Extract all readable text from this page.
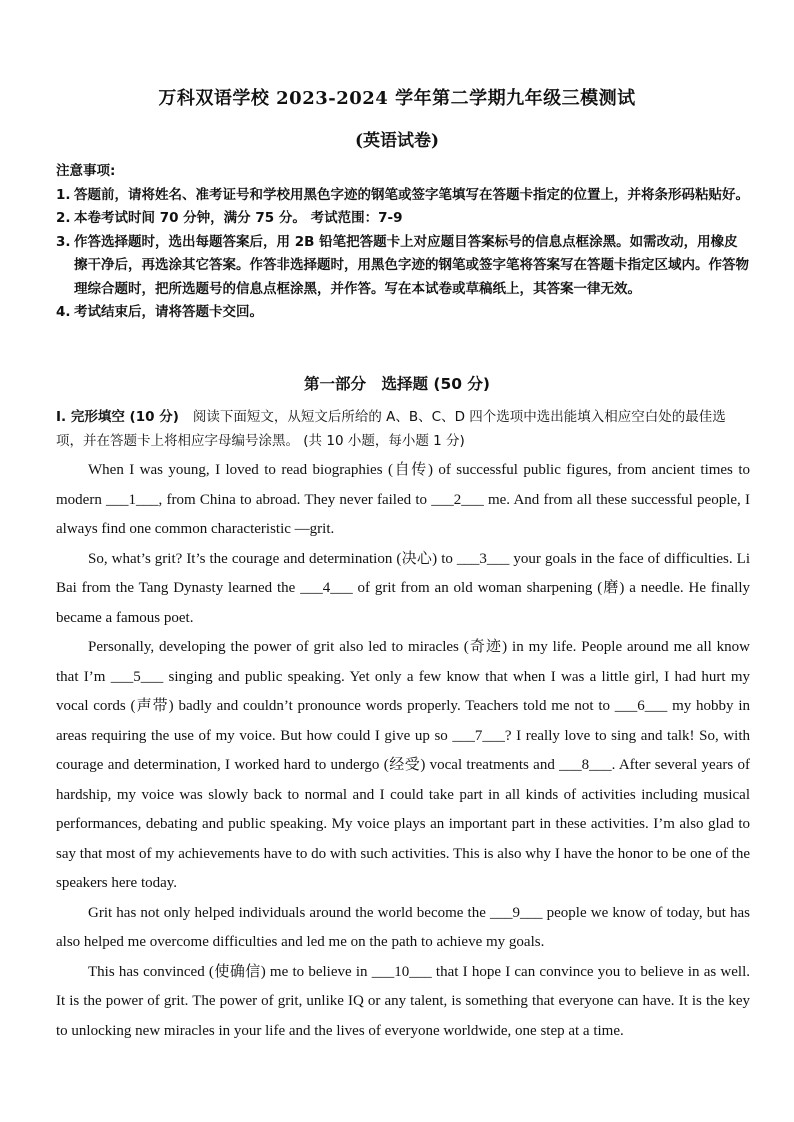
万科双语学校 2023-2024 学年第二学期九年级三模测试
(英语试卷)

注意事项:

1. 答题前，请将姓名、准考证号和学校用黑色字迹的钢笔或签字笔填写在答题卡指定的位置上，并将条形码粘贴好。

2. 本卷考试时间 70 分钟，满分 75 分。 考试范围：7-9

3. 作答选择题时，选出每题答案后，用 2B 铅笔把答题卡上对应题目答案标号的信息点框涂黑。如需改动，用橡皮擦干净后，再选涂其它答案。作答非选择题时，用黑色字迹的钢笔或签字笔将答案写在答题卡指定区域内。作答物理综合题时，把所选题号的信息点框涂黑，并作答。写在本试卷或草稿纸上，其答案一律无效。

4. 考试结束后，请将答题卡交回。

第一部分　选择题 (50 分)
I. 完形填空 (10 分) 阅读下面短文，从短文后所给的 A、B、C、D 四个选项中选出能填入相应空白处的最佳选项，并在答题卡上将相应字母编号涂黑。 (共 10 小题，每小题 1 分)

When I was young, I loved to read biographies (自传) of successful public figures, from ancient times to modern ___1___, from China to abroad. They never failed to ___2___ me. And from all these successful people, I always find one common characteristic —grit.

So, what’s grit? It’s the courage and determination (决心) to ___3___ your goals in the face of difficulties. Li Bai from the Tang Dynasty learned the ___4___ of grit from an old woman sharpening (磨) a needle. He finally became a famous poet.

Personally, developing the power of grit also led to miracles (奇迹) in my life. People around me all know that I’m ___5___ singing and public speaking. Yet only a few know that when I was a little girl, I had hurt my vocal cords (声带) badly and couldn’t pronounce words properly. Teachers told me not to ___6___ my hobby in areas requiring the use of my voice. But how could I give up so ___7___? I really love to sing and talk! So, with courage and determination, I worked hard to undergo (经受) vocal treatments and ___8___. After several years of hardship, my voice was slowly back to normal and I could take part in all kinds of activities including musical performances, debating and public speaking. My voice plays an important part in these activities. I’m also glad to say that most of my achievements have to do with such activities. This is also why I have the honor to be one of the speakers here today.

Grit has not only helped individuals around the world become the ___9___ people we know of today, but has also helped me overcome difficulties and led me on the path to achieve my goals.

This has convinced (使确信) me to believe in ___10___ that I hope I can convince you to believe in as well. It is the power of grit. The power of grit, unlike IQ or any talent, is something that everyone can have. It is the key to unlocking new miracles in your life and the lives of everyone worldwide, one step at a time.
